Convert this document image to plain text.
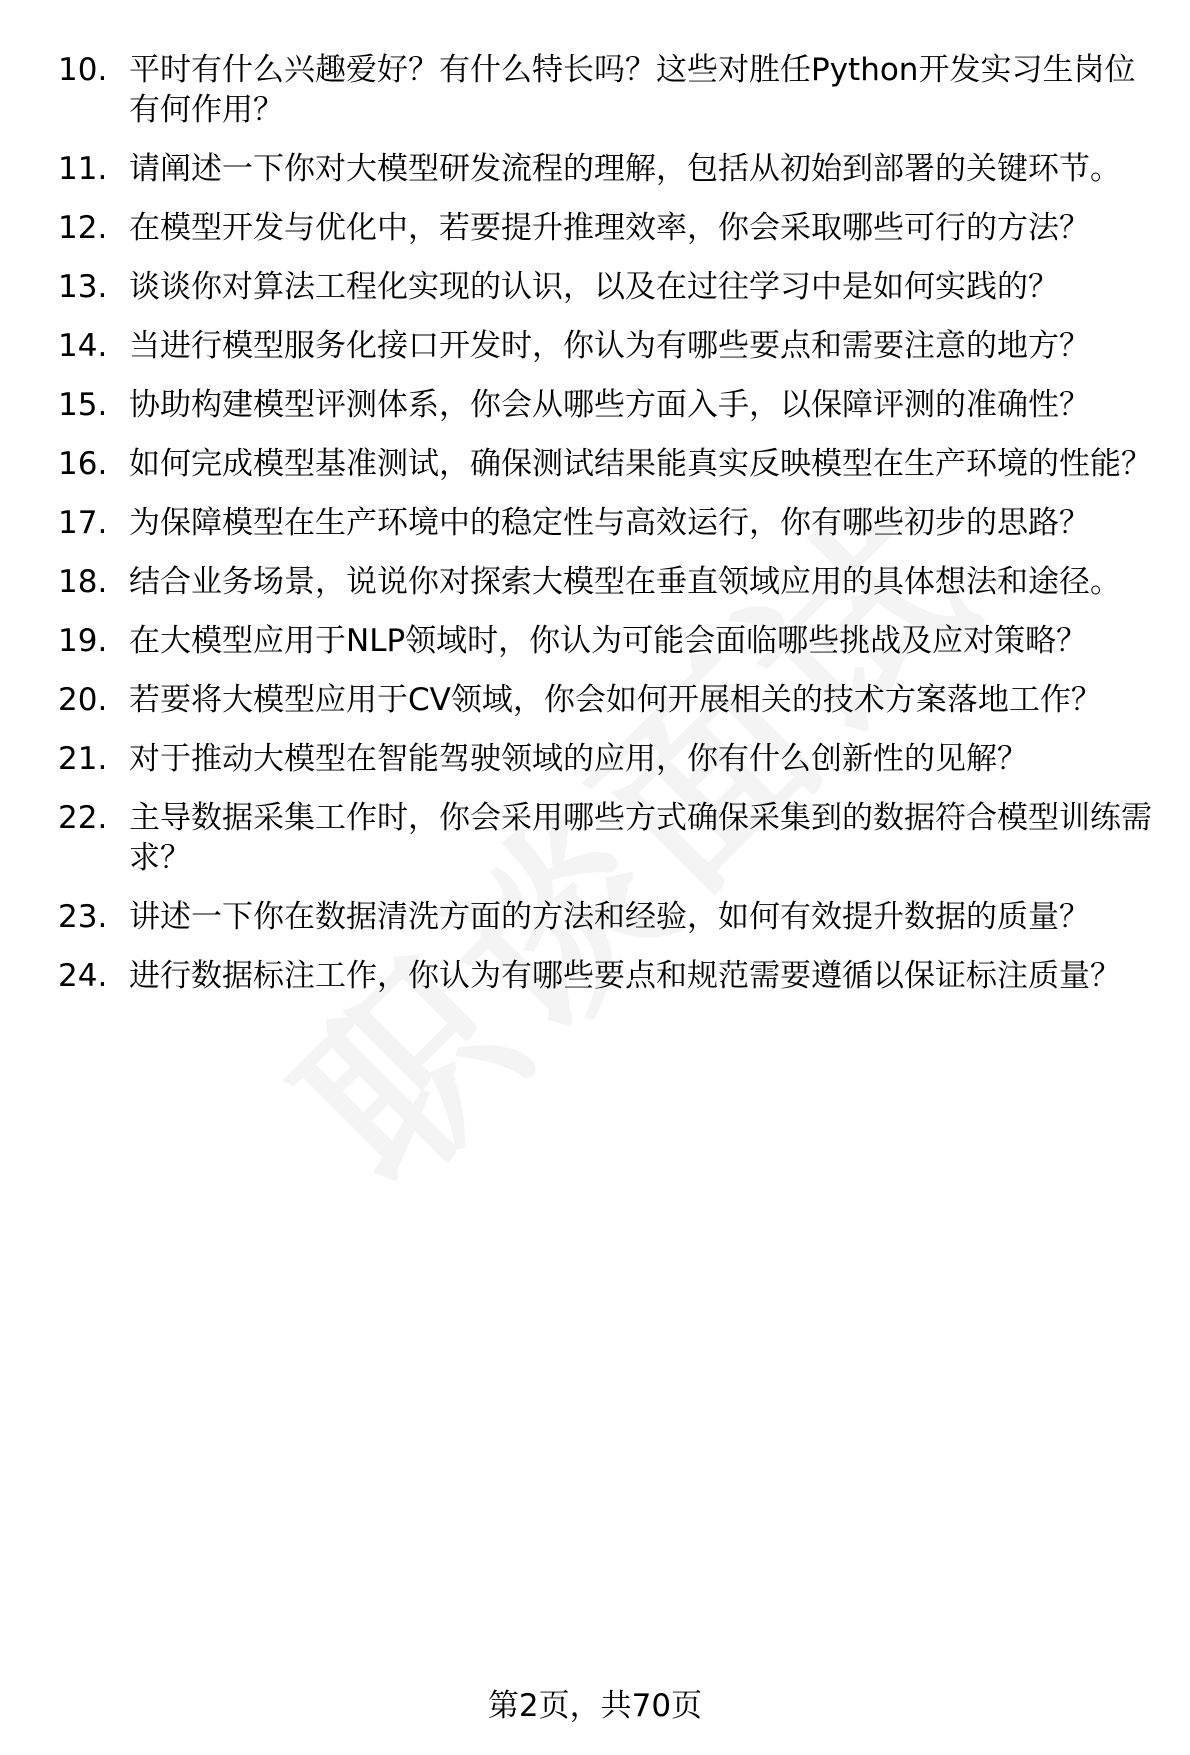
10. 平时有什么兴趣爱好？有什么特长吗？这些对胜任Python开发实习生岗位有何作用？
11. 请阐述一下你对大模型研发流程的理解，包括从初始到部署的关键环节。
12. 在模型开发与优化中，若要提升推理效率，你会采取哪些可行的方法？
13. 谈谈你对算法工程化实现的认识，以及在过往学习中是如何实践的？
14. 当进行模型服务化接口开发时，你认为有哪些要点和需要注意的地方？
15. 协助构建模型评测体系，你会从哪些方面入手，以保障评测的准确性？
16. 如何完成模型基准测试，确保测试结果能真实反映模型在生产环境的性能？
17. 为保障模型在生产环境中的稳定性与高效运行，你有哪些初步的思路？
18. 结合业务场景，说说你对探索大模型在垂直领域应用的具体想法和途径。
19. 在大模型应用于NLP领域时，你认为可能会面临哪些挑战及应对策略？
20. 若要将大模型应用于CV领域，你会如何开展相关的技术方案落地工作？
21. 对于推动大模型在智能驾驶领域的应用，你有什么创新性的见解？
22. 主导数据采集工作时，你会采用哪些方式确保采集到的数据符合模型训练需求？
23. 讲述一下你在数据清洗方面的方法和经验，如何有效提升数据的质量？
24. 进行数据标注工作，你认为有哪些要点和规范需要遵循以保证标注质量？
第2页，共70页
